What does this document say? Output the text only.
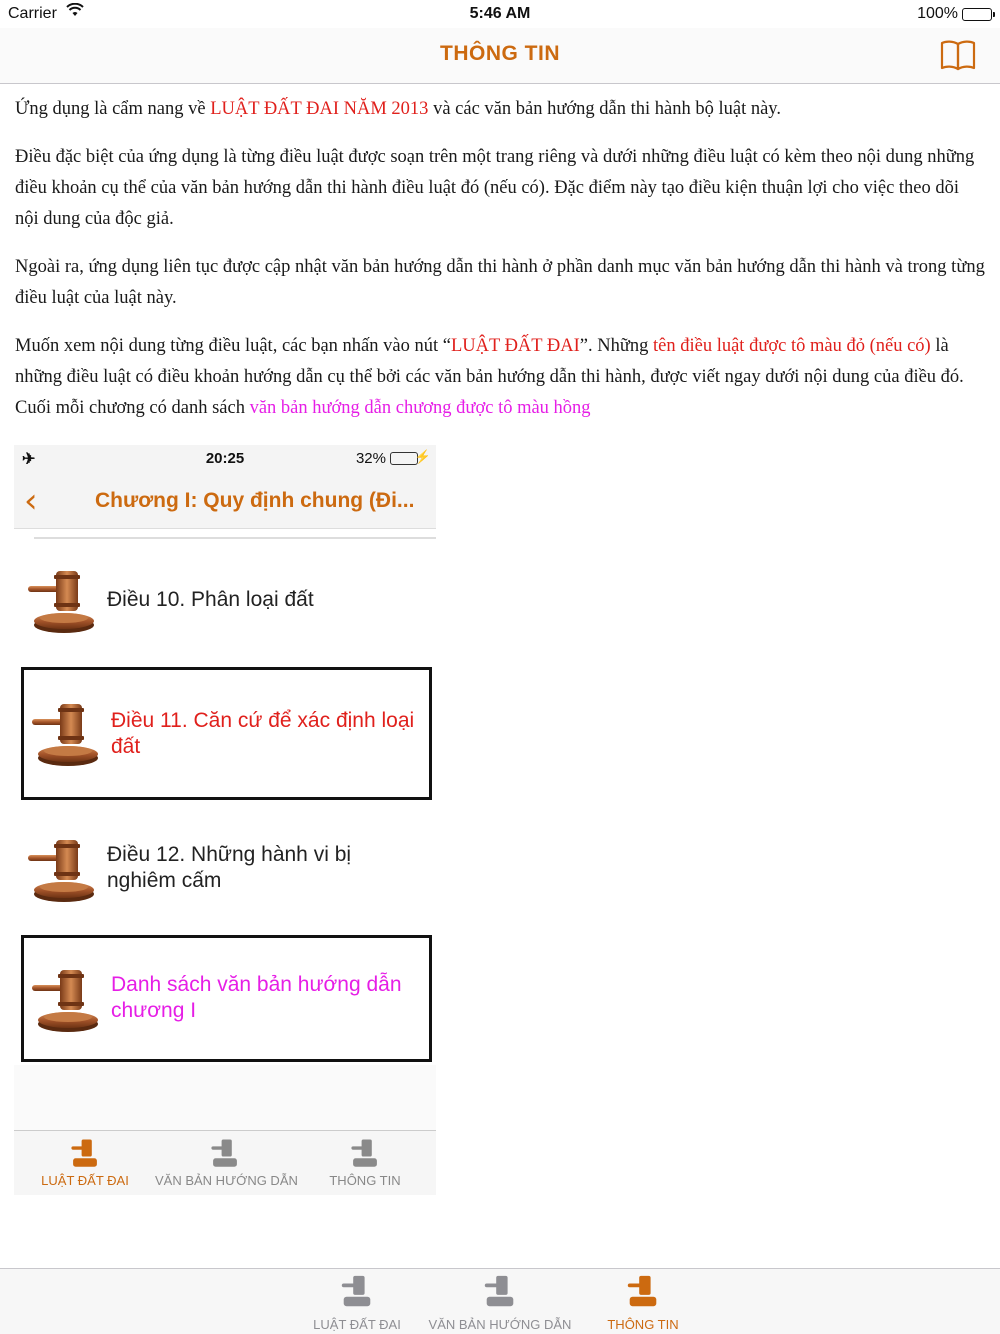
Carrier	5:46 AM	100%
THÔNG TIN

Ứng dụng là cẩm nang về LUẬT ĐẤT ĐAI NĂM 2013 và các văn bản hướng dẫn thi hành bộ luật này.

Điều đặc biệt của ứng dụng là từng điều luật được soạn trên một trang riêng và dưới những điều luật có kèm theo nội dung những điều khoản cụ thể của văn bản hướng dẫn thi hành điều luật đó (nếu có). Đặc điểm này tạo điều kiện thuận lợi cho việc theo dõi nội dung của độc giả.

Ngoài ra, ứng dụng liên tục được cập nhật văn bản hướng dẫn thi hành ở phần danh mục văn bản hướng dẫn thi hành và trong từng điều luật của luật này.

Muốn xem nội dung từng điều luật, các bạn nhấn vào nút “LUẬT ĐẤT ĐAI”. Những tên điều luật được tô màu đỏ (nếu có) là những điều luật có điều khoản hướng dẫn cụ thể bởi các văn bản hướng dẫn thi hành, được viết ngay dưới nội dung của điều đó. Cuối mỗi chương có danh sách văn bản hướng dẫn chương được tô màu hồng

✈	20:25	32% ⚡
‹	Chương I: Quy định chung (Đi...
Điều 10. Phân loại đất
Điều 11. Căn cứ để xác định loại đất
Điều 12. Những hành vi bị nghiêm cấm
Danh sách văn bản hướng dẫn chương I
LUẬT ĐẤT ĐAI	VĂN BẢN HƯỚNG DẪN	THÔNG TIN
LUẬT ĐẤT ĐAI	VĂN BẢN HƯỚNG DẪN	THÔNG TIN
